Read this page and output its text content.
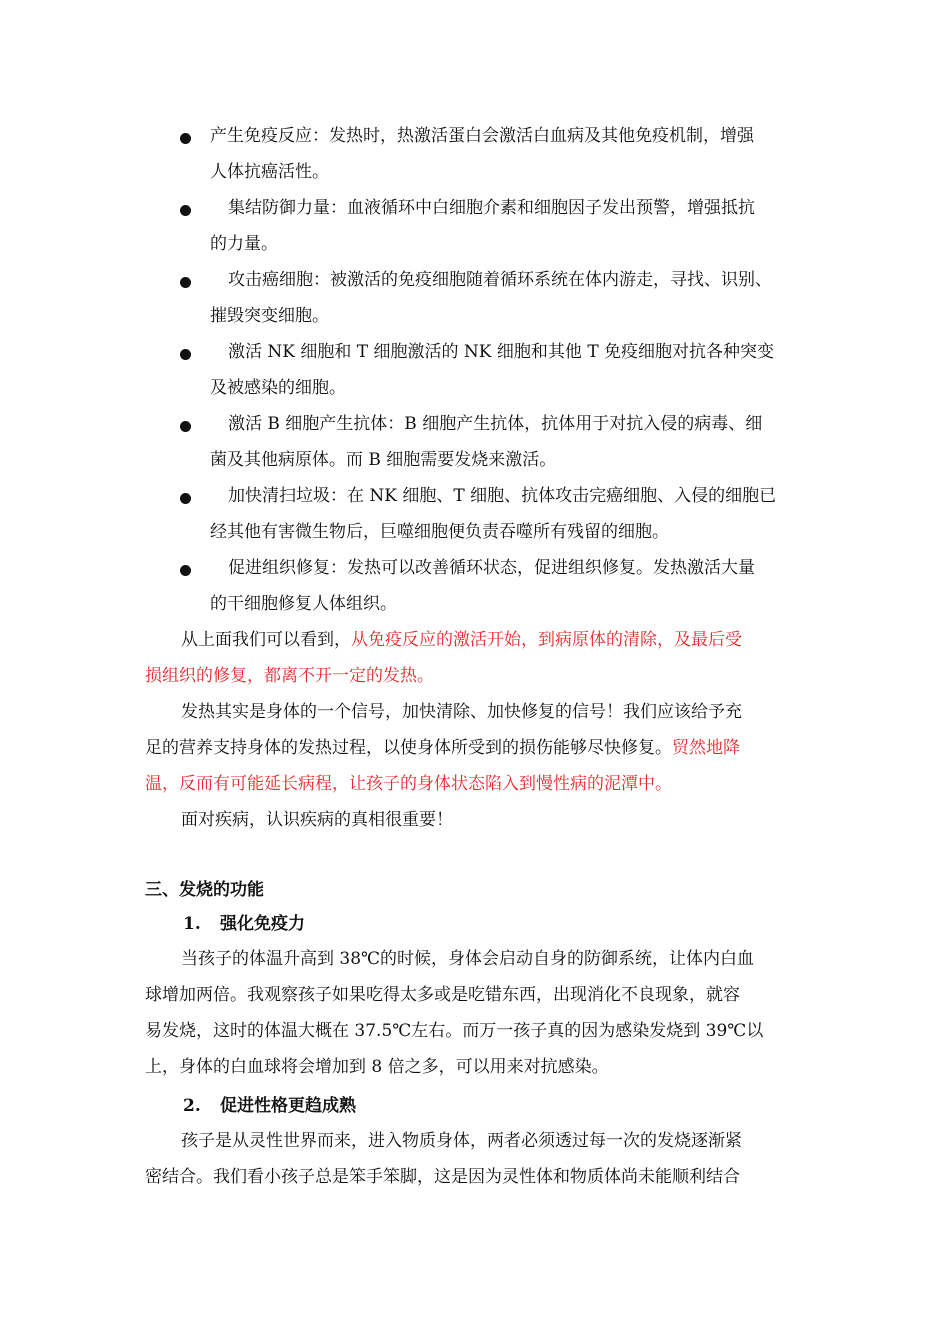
产生免疫反应：发热时，热激活蛋白会激活白血病及其他免疫机制，增强
人体抗癌活性。
集结防御力量：血液循环中白细胞介素和细胞因子发出预警，增强抵抗
的力量。
攻击癌细胞：被激活的免疫细胞随着循环系统在体内游走，寻找、识别、
摧毁突变细胞。
激活 NK 细胞和 T 细胞激活的 NK 细胞和其他 T 免疫细胞对抗各种突变
及被感染的细胞。
激活 B 细胞产生抗体：B 细胞产生抗体，抗体用于对抗入侵的病毒、细
菌及其他病原体。而 B 细胞需要发烧来激活。
加快清扫垃圾：在 NK 细胞、T 细胞、抗体攻击完癌细胞、入侵的细胞已
经其他有害微生物后，巨噬细胞便负责吞噬所有残留的细胞。
促进组织修复：发热可以改善循环状态，促进组织修复。发热激活大量
的干细胞修复人体组织。
从上面我们可以看到，从免疫反应的激活开始，到病原体的清除，及最后受
损组织的修复，都离不开一定的发热。
发热其实是身体的一个信号，加快清除、加快修复的信号！我们应该给予充
足的营养支持身体的发热过程，以使身体所受到的损伤能够尽快修复。贸然地降
温，反而有可能延长病程，让孩子的身体状态陷入到慢性病的泥潭中。
面对疾病，认识疾病的真相很重要！
三、发烧的功能
1. 强化免疫力
当孩子的体温升高到 38℃的时候，身体会启动自身的防御系统，让体内白血
球增加两倍。我观察孩子如果吃得太多或是吃错东西，出现消化不良现象，就容
易发烧，这时的体温大概在 37.5℃左右。而万一孩子真的因为感染发烧到 39℃以
上，身体的白血球将会增加到 8 倍之多，可以用来对抗感染。
2. 促进性格更趋成熟
孩子是从灵性世界而来，进入物质身体，两者必须透过每一次的发烧逐渐紧
密结合。我们看小孩子总是笨手笨脚，这是因为灵性体和物质体尚未能顺利结合
